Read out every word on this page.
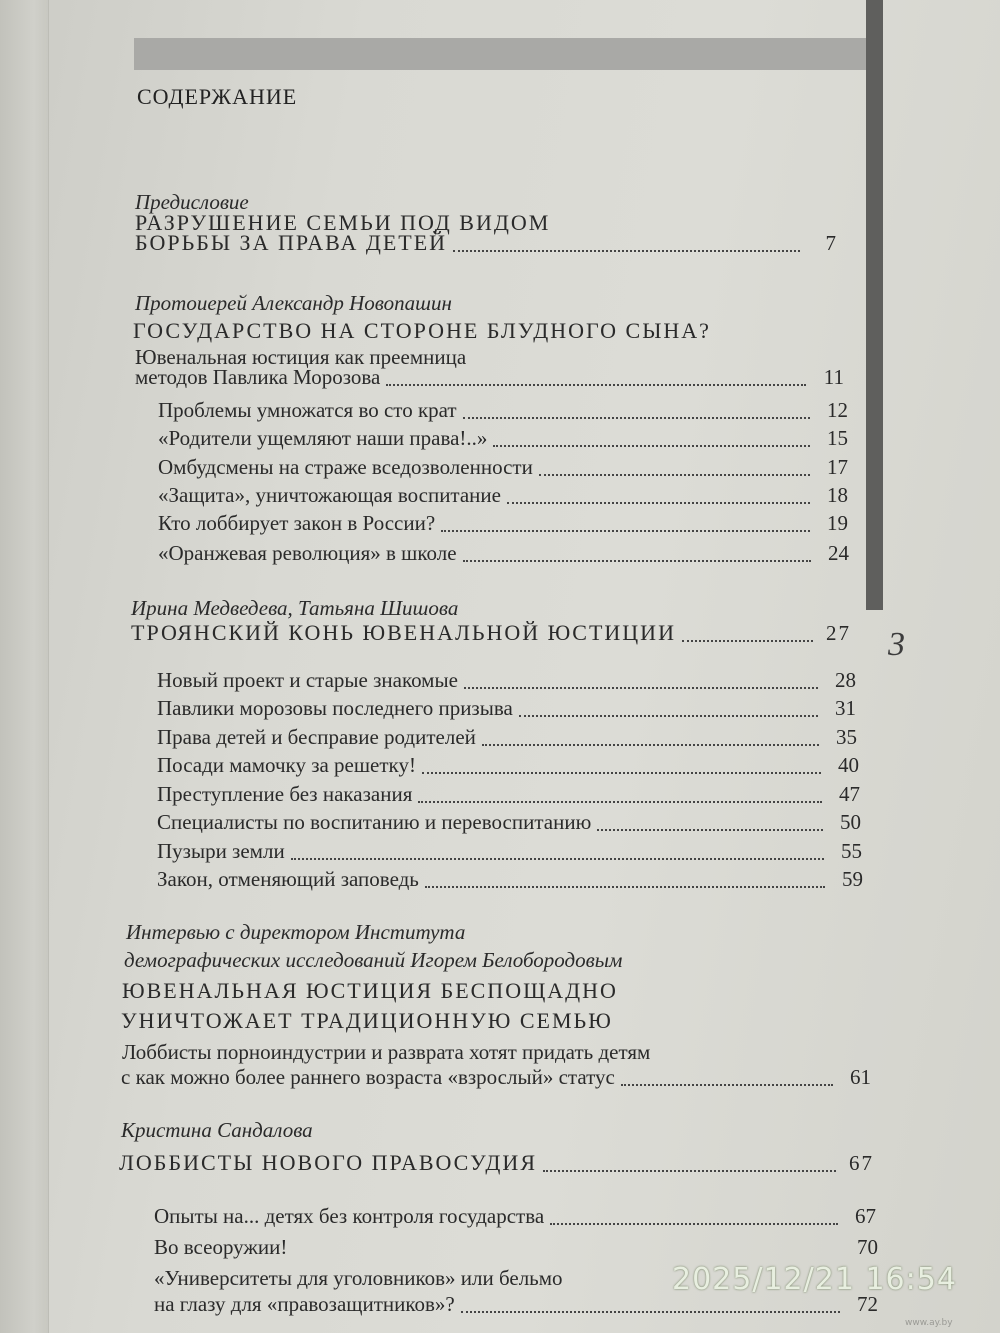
3
СОДЕРЖАНИЕ
Предисловие
РАЗРУШЕНИЕ СЕМЬИ ПОД ВИДОМ
БОРЬБЫ ЗА ПРАВА ДЕТЕЙ	7
Протоиерей Александр Новопашин
ГОСУДАРСТВО НА СТОРОНЕ БЛУДНОГО СЫНА?
Ювенальная юстиция как преемница
методов Павлика Морозова	11
Проблемы умножатся во сто крат	12
«Родители ущемляют наши права!..»	15
Омбудсмены на страже вседозволенности	17
«Защита», уничтожающая воспитание	18
Кто лоббирует закон в России?	19
«Оранжевая революция» в школе	24
Ирина Медведева, Татьяна Шишова
ТРОЯНСКИЙ КОНЬ ЮВЕНАЛЬНОЙ ЮСТИЦИИ	27
Новый проект и старые знакомые	28
Павлики морозовы последнего призыва	31
Права детей и бесправие родителей	35
Посади мамочку за решетку!	40
Преступление без наказания	47
Специалисты по воспитанию и перевоспитанию	50
Пузыри земли	55
Закон, отменяющий заповедь	59
Интервью с директором Института
демографических исследований Игорем Белобородовым
ЮВЕНАЛЬНАЯ ЮСТИЦИЯ БЕСПОЩАДНО
УНИЧТОЖАЕТ ТРАДИЦИОННУЮ СЕМЬЮ
Лоббисты порноиндустрии и разврата хотят придать детям
с как можно более раннего возраста «взрослый» статус	61
Кристина Сандалова
ЛОББИСТЫ НОВОГО ПРАВОСУДИЯ	67
Опыты на... детях без контроля государства	67
Во всеоружии!	70
«Университеты для уголовников» или бельмо
на глазу для «правозащитников»?	72
2025/12/21 16:54
www.ay.by
